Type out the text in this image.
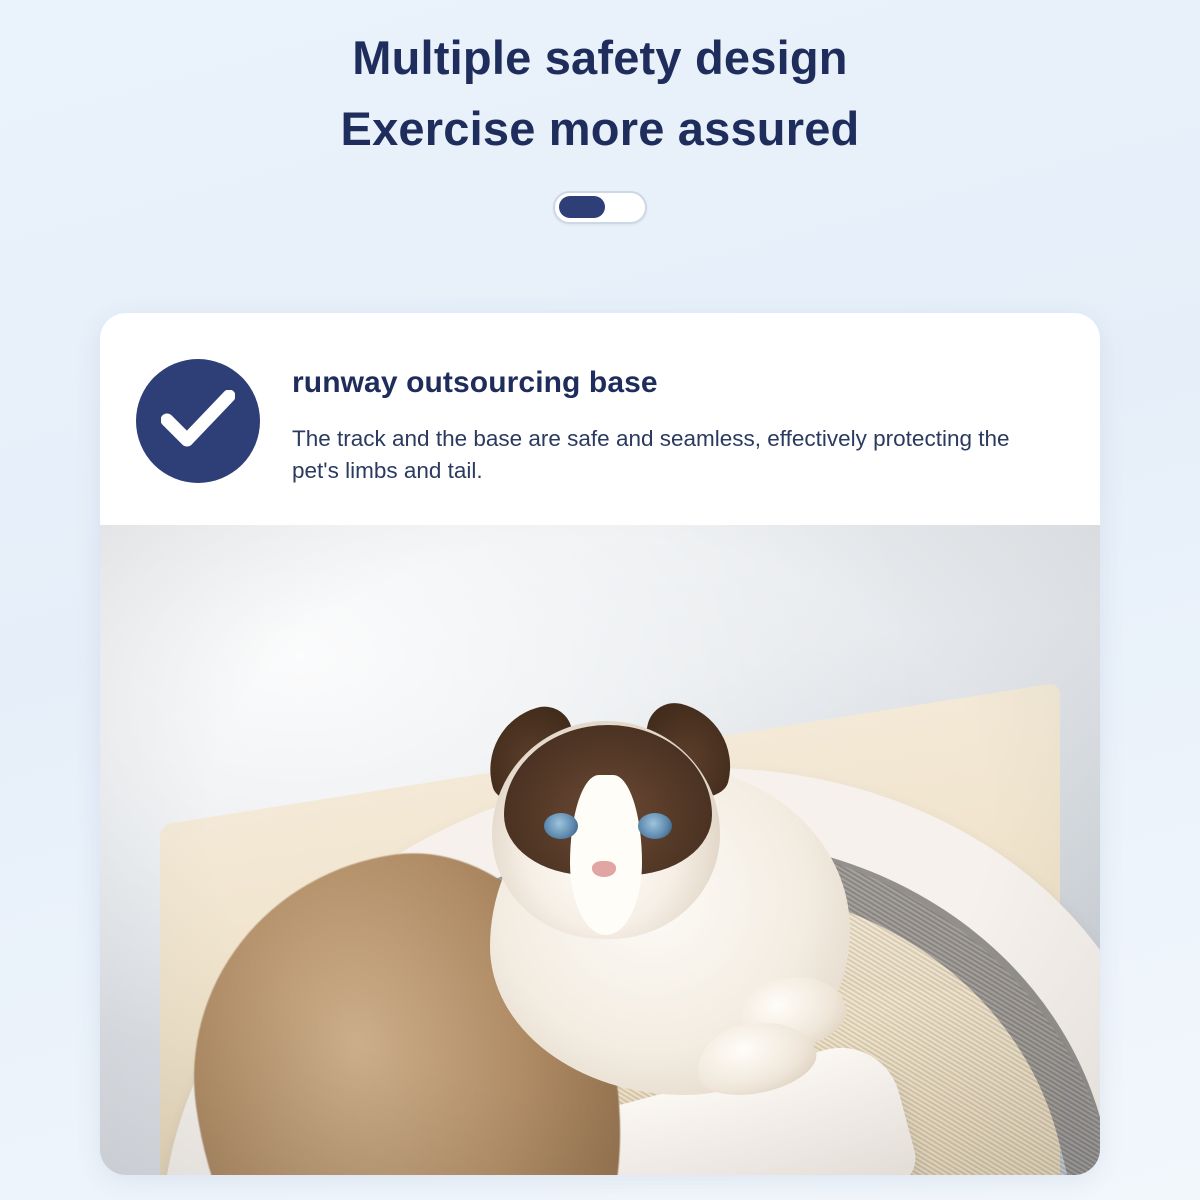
Multiple safety design
Exercise more assured
runway outsourcing base
The track and the base are safe and seamless, effectively protecting the pet's limbs and tail.
